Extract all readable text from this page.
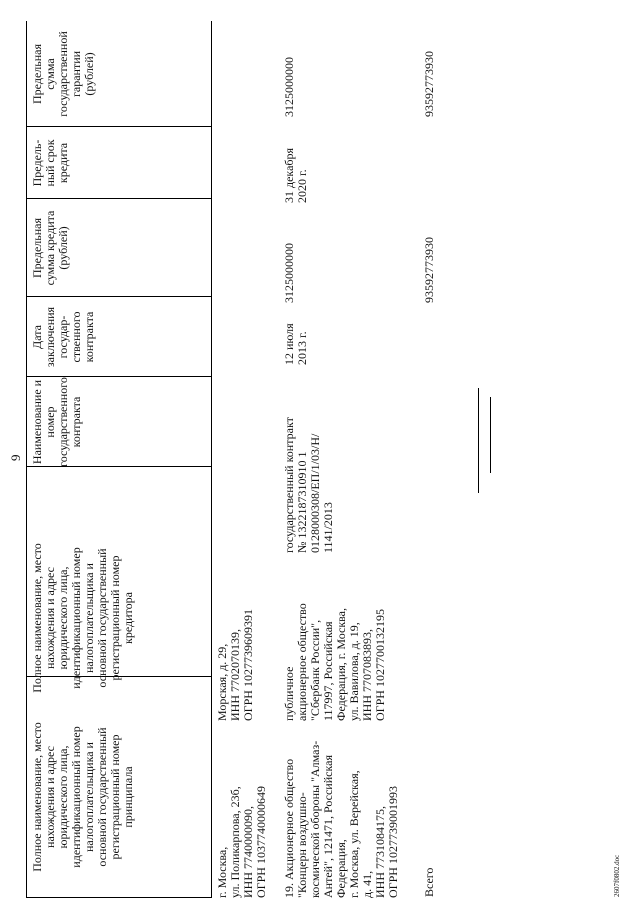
9
Полное наименование, место
нахождения и адрес
юридического лица,
идентификационный номер
налогоплательщика и
основной государственный
регистрационный номер
принципала
Полное наименование, место
нахождения и адрес
юридического лица,
идентификационный номер
налогоплательщика и
основной государственный
регистрационный номер
кредитора
Наименование и номер
государственного
контракта
Дата
заключения
государ-
ственного
контракта
Предельная
сумма кредита
(рублей)
Предель-
ный срок
кредита
Предельная
сумма
государственной
гарантии
(рублей)
г. Москва,
ул. Поликарпова, 23б,
ИНН 7740000090,
ОГРН 1037740000649
Морская, д. 29,
ИНН 7702070139,
ОГРН 1027739609391
19. Акционерное общество
"Концерн воздушно-
космической обороны "Алмаз-
Антей", 121471, Российская
Федерация,
г. Москва, ул. Верейская,
д. 41,
ИНН 7731084175,
ОГРН 1027739001993
публичное
акционерное общество
"Сбербанк России",
117997, Российская
Федерация, г. Москва,
ул. Вавилова, д. 19,
ИНН 7707083893,
ОГРН 1027700132195
государственный контракт
№ 1322187310910 1
0128000308/ЕП/1/03/Н/
1141/2013
12 июля
2013 г.
3125000000
31 декабря
2020 г.
3125000000
Всего
93592773930
93592773930
2607f0802.doc
